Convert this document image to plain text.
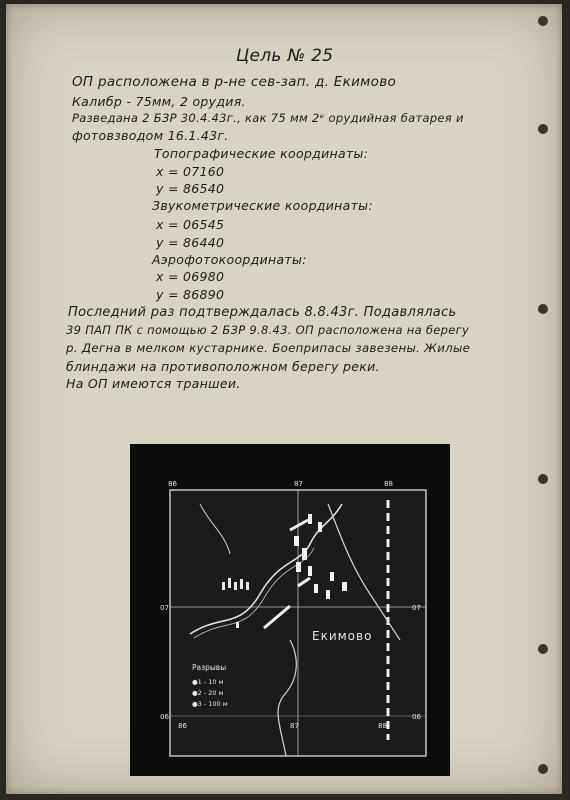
Цель № 25
ОП расположена в р-не сев-зап. д. Екимово
Калибр - 75мм, 2 орудия.
Разведана 2 БЗР 30.4.43г., как 75 мм 2ᵉ орудийная батарея и
фотовзводом 16.1.43г.
Топографические координаты:
x = 07160
y = 86540
Звукометрические координаты:
x = 06545
y = 86440
Аэрофотокоординаты:
x = 06980
y = 86890
Последний раз подтверждалась 8.8.43г. Подавлялась
39 ПАП ПК с помощью 2 БЗР 9.8.43. ОП расположена на берегу
р. Дегна в мелком кустарнике. Боеприпасы завезены. Жилые
блиндажи на противоположном берегу реки.
На ОП имеются траншеи.
86	87	88
86	87	88
07
06
07
06
Екимово
Разрывы
●1 - 10 м
●2 - 20 м
●3 - 100 м
